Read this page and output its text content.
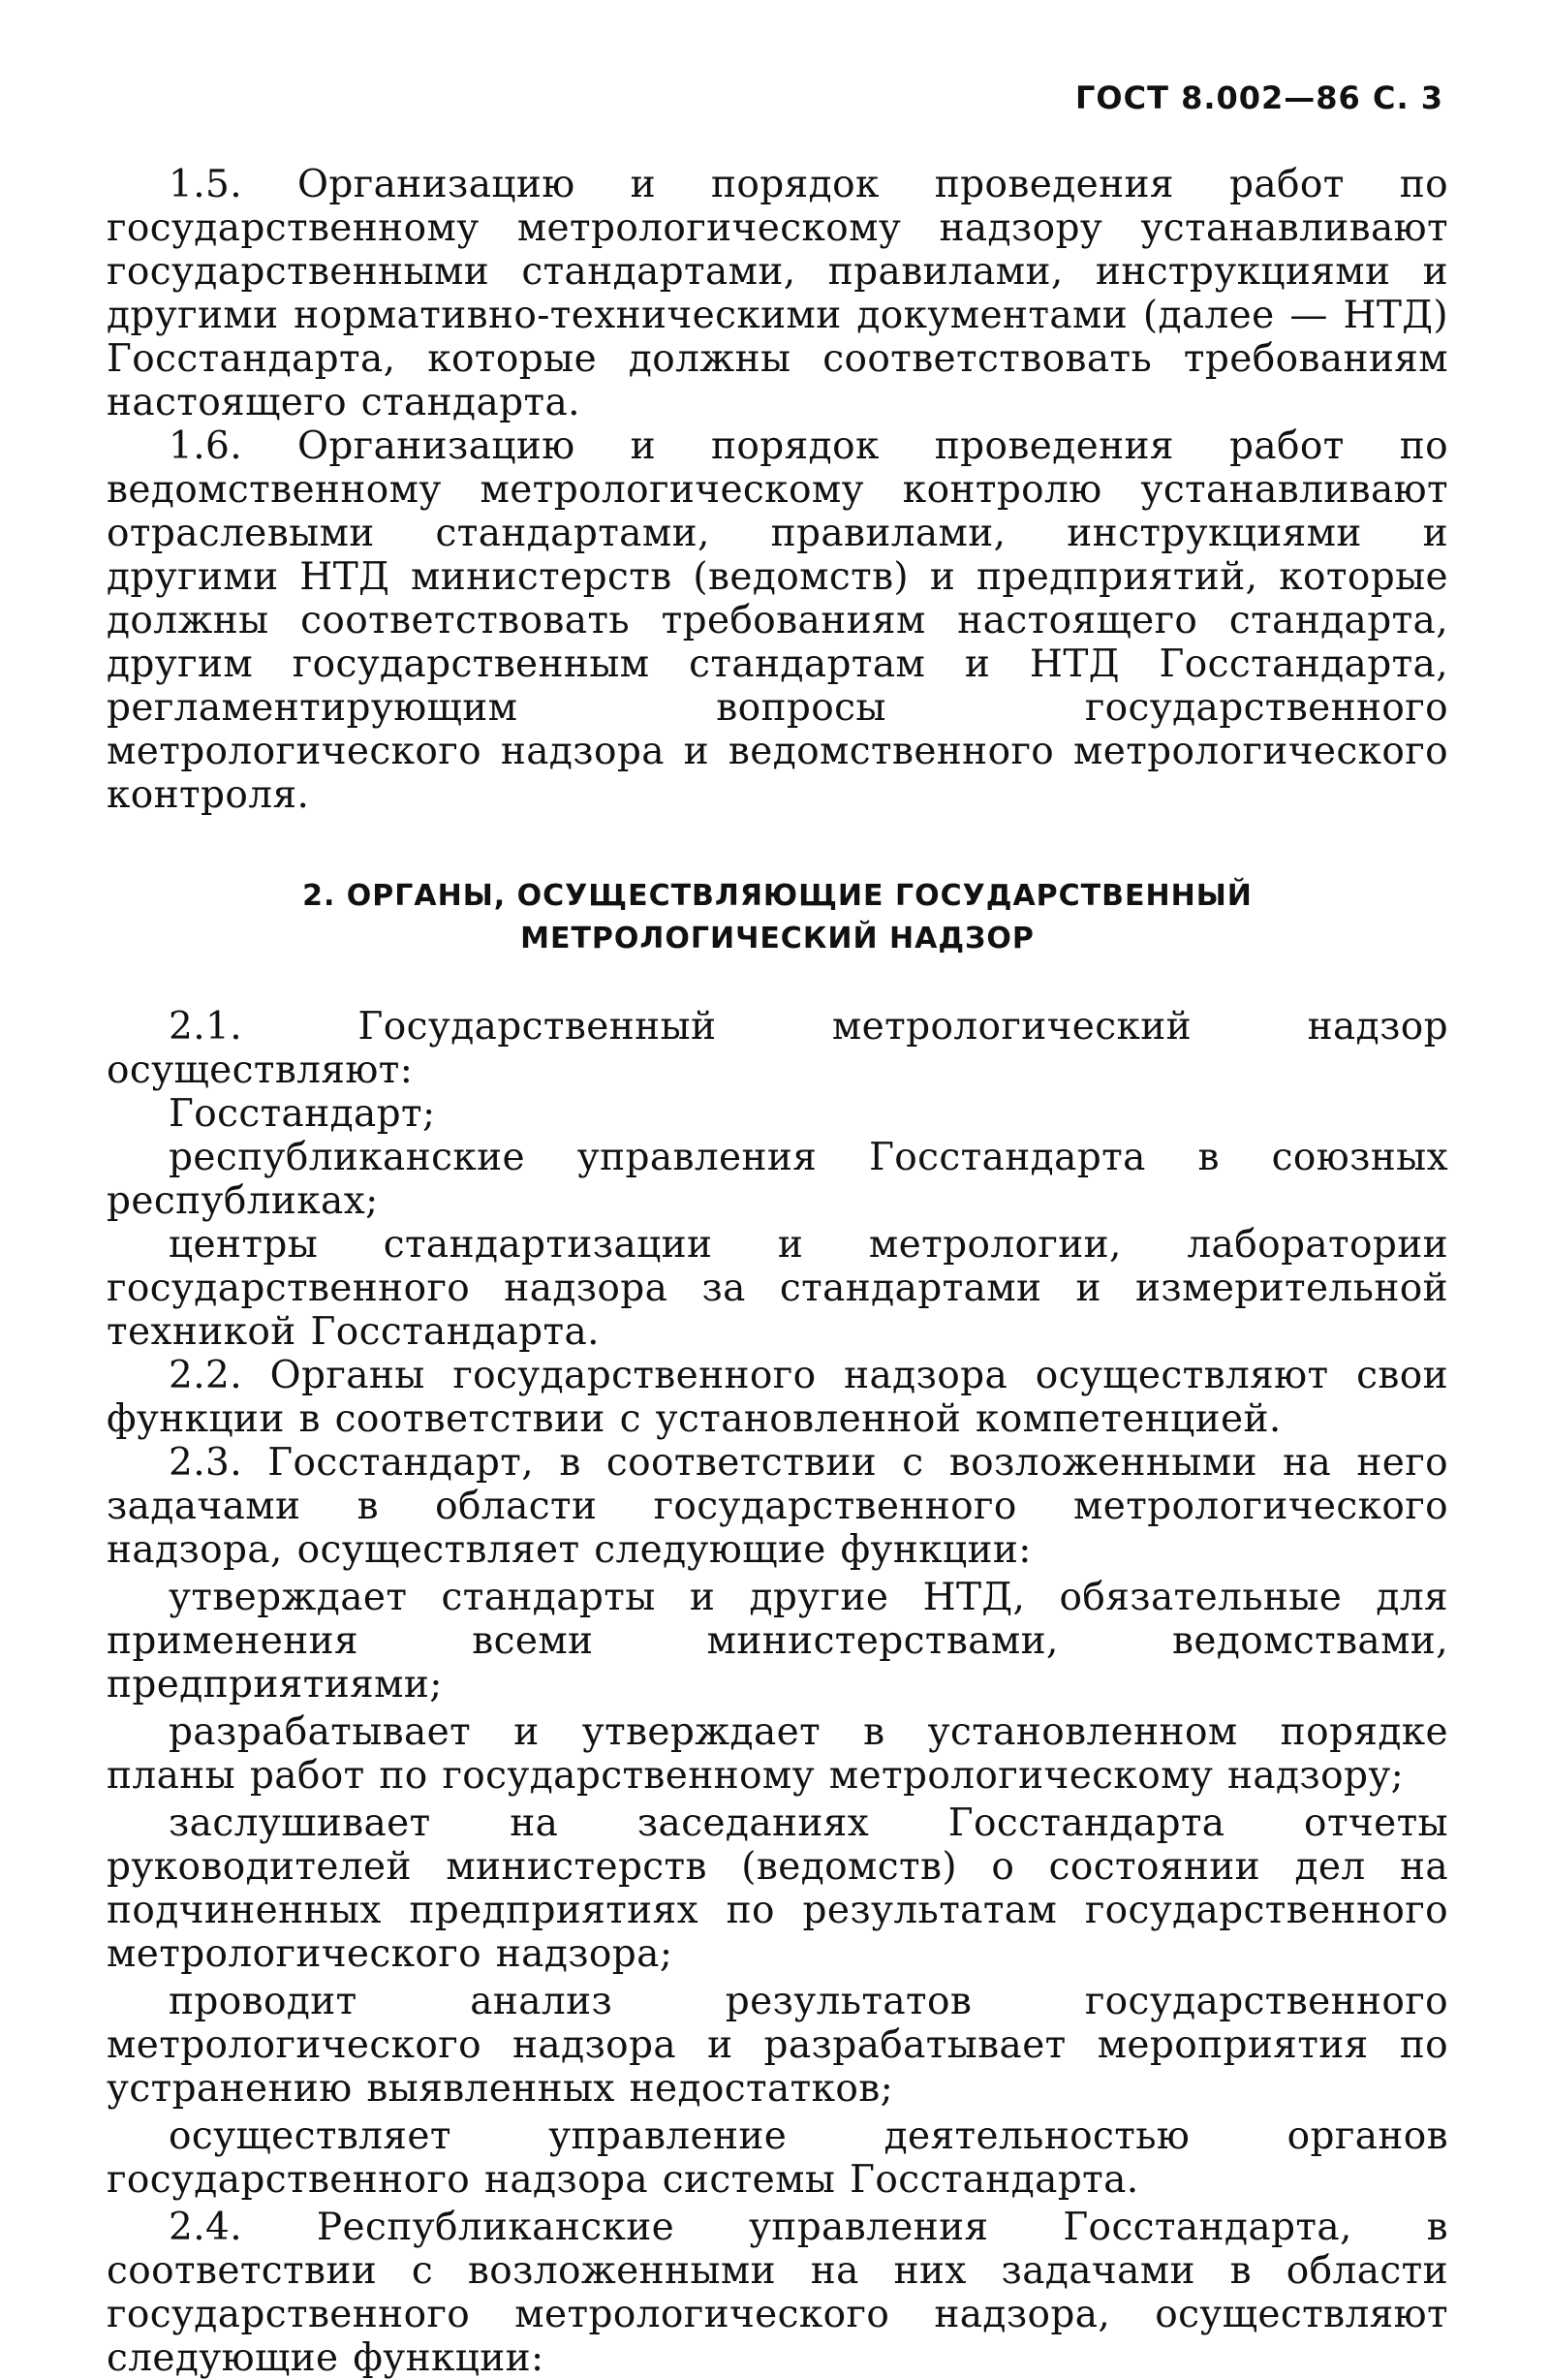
ГОСТ 8.002—86 С. 3

1.5. Организацию и порядок проведения работ по государственному метрологическому надзору устанавливают государственными стандартами, правилами, инструкциями и другими нормативно-техническими документами (далее — НТД) Госстандарта, которые должны соответствовать требованиям настоящего стандарта.

1.6. Организацию и порядок проведения работ по ведомственному метрологическому контролю устанавливают отраслевыми стандартами, правилами, инструкциями и другими НТД министерств (ведомств) и предприятий, которые должны соответствовать требованиям настоящего стандарта, другим государственным стандартам и НТД Госстандарта, регламентирующим вопросы государственного метрологического надзора и ведомственного метрологического контроля.

2. ОРГАНЫ, ОСУЩЕСТВЛЯЮЩИЕ ГОСУДАРСТВЕННЫЙ
МЕТРОЛОГИЧЕСКИЙ НАДЗОР

2.1. Государственный метрологический надзор осуществляют:

Госстандарт;

республиканские управления Госстандарта в союзных республиках;

центры стандартизации и метрологии, лаборатории государственного надзора за стандартами и измерительной техникой Госстандарта.

2.2. Органы государственного надзора осуществляют свои функции в соответствии с установленной компетенцией.

2.3. Госстандарт, в соответствии с возложенными на него задачами в области государственного метрологического надзора, осуществляет следующие функции:

утверждает стандарты и другие НТД, обязательные для применения всеми министерствами, ведомствами, предприятиями;

разрабатывает и утверждает в установленном порядке планы работ по государственному метрологическому надзору;

заслушивает на заседаниях Госстандарта отчеты руководителей министерств (ведомств) о состоянии дел на подчиненных предприятиях по результатам государственного метрологического надзора;

проводит анализ результатов государственного метрологического надзора и разрабатывает мероприятия по устранению выявленных недостатков;

осуществляет управление деятельностью органов государственного надзора системы Госстандарта.

2.4. Республиканские управления Госстандарта, в соответствии с возложенными на них задачами в области государственного метрологического надзора, осуществляют следующие функции:
